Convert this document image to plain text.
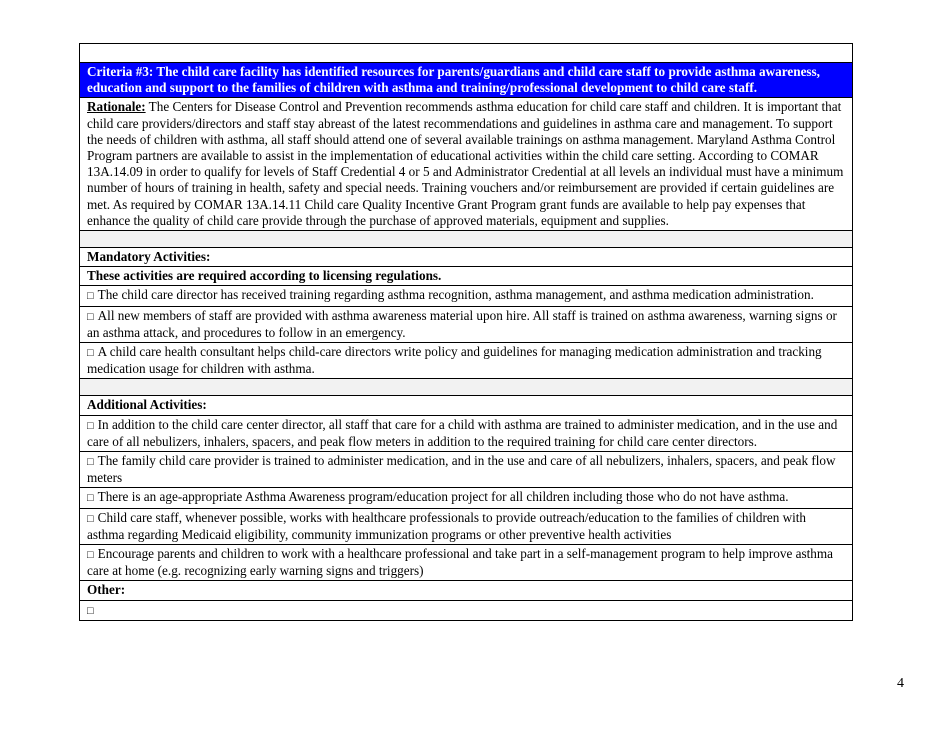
Criteria #3: The child care facility has identified resources for parents/guardians and child care staff to provide asthma awareness, education and support to the families of children with asthma and training/professional development to child care staff.
Rationale: The Centers for Disease Control and Prevention recommends asthma education for child care staff and children. It is important that child care providers/directors and staff stay abreast of the latest recommendations and guidelines in asthma care and management. To support the needs of children with asthma, all staff should attend one of several available trainings on asthma management. Maryland Asthma Control Program partners are available to assist in the implementation of educational activities within the child care setting. According to COMAR 13A.14.09 in order to qualify for levels of Staff Credential 4 or 5 and Administrator Credential at all levels an individual must have a minimum number of hours of training in health, safety and special needs. Training vouchers and/or reimbursement are provided if certain guidelines are met. As required by COMAR 13A.14.11 Child care Quality Incentive Grant Program grant funds are available to help pay expenses that enhance the quality of child care provide through the purchase of approved materials, equipment and supplies.

Mandatory Activities:
These activities are required according to licensing regulations.
□ The child care director has received training regarding asthma recognition, asthma management, and asthma medication administration.
□ All new members of staff are provided with asthma awareness material upon hire. All staff is trained on asthma awareness, warning signs or an asthma attack, and procedures to follow in an emergency.
□ A child care health consultant helps child-care directors write policy and guidelines for managing medication administration and tracking medication usage for children with asthma.

Additional Activities:
□ In addition to the child care center director, all staff that care for a child with asthma are trained to administer medication, and in the use and care of all nebulizers, inhalers, spacers, and peak flow meters in addition to the required training for child care center directors.
□ The family child care provider is trained to administer medication, and in the use and care of all nebulizers, inhalers, spacers, and peak flow meters
□ There is an age-appropriate Asthma Awareness program/education project for all children including those who do not have asthma.
□ Child care staff, whenever possible, works with healthcare professionals to provide outreach/education to the families of children with asthma regarding Medicaid eligibility, community immunization programs or other preventive health activities
□ Encourage parents and children to work with a healthcare professional and take part in a self-management program to help improve asthma care at home (e.g. recognizing early warning signs and triggers)
Other:
□
4
